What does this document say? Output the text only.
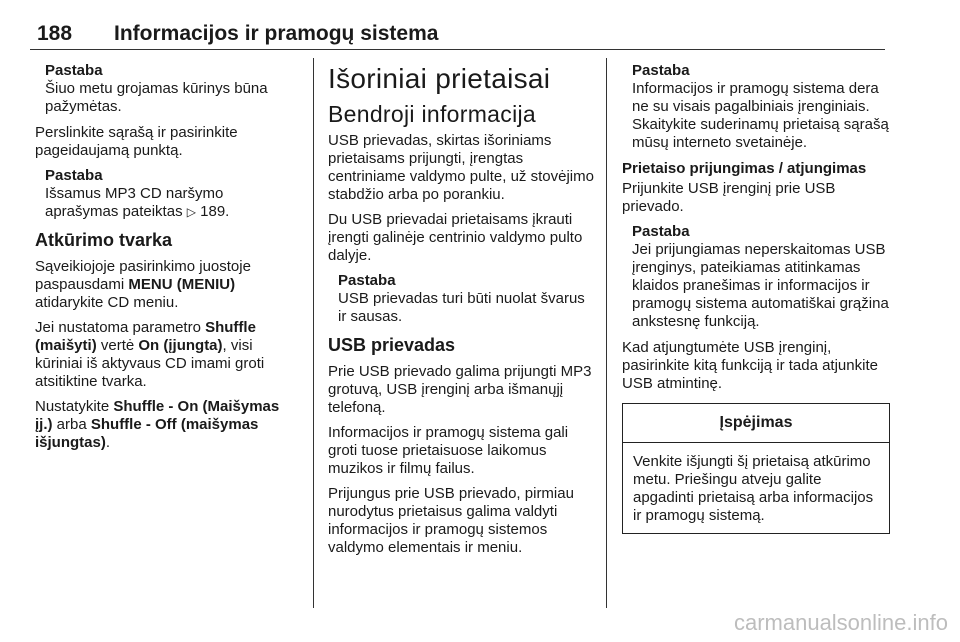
188 Informacijos ir pramogų sistema
Pastaba
Šiuo metu grojamas kūrinys būna pažymėtas.

Perslinkite sąrašą ir pasirinkite pageidaujamą punktą.

Pastaba
Išsamus MP3 CD naršymo aprašymas pateiktas ▷ 189.
Atkūrimo tvarka

Sąveikiojoje pasirinkimo juostoje paspausdami MENU (MENIU) atidarykite CD meniu.

Jei nustatoma parametro Shuffle (maišyti) vertė On (įjungta), visi kūriniai iš aktyvaus CD imami groti atsitiktine tvarka.

Nustatykite Shuffle - On (Maišymas įj.) arba Shuffle - Off (maišymas išjungtas).

Išoriniai prietaisai
Bendroji informacija

USB prievadas, skirtas išoriniams prietaisams prijungti, įrengtas centriniame valdymo pulte, už stovėjimo stabdžio arba po porankiu.

Du USB prievadai prietaisams įkrauti įrengti galinėje centrinio valdymo pulto dalyje.

Pastaba
USB prievadas turi būti nuolat švarus ir sausas.
USB prievadas

Prie USB prievado galima prijungti MP3 grotuvą, USB įrenginį arba išmanųjį telefoną.

Informacijos ir pramogų sistema gali groti tuose prietaisuose laikomus muzikos ir filmų failus.

Prijungus prie USB prievado, pirmiau nurodytus prietaisus galima valdyti informacijos ir pramogų sistemos valdymo elementais ir meniu.

Pastaba
Informacijos ir pramogų sistema dera ne su visais pagalbiniais įrenginiais. Skaitykite suderinamų prietaisą sąrašą mūsų interneto svetainėje.
Prietaiso prijungimas / atjungimas

Prijunkite USB įrenginį prie USB prievado.

Pastaba
Jei prijungiamas neperskaitomas USB įrenginys, pateikiamas atitinkamas klaidos pranešimas ir informacijos ir pramogų sistema automatiškai grąžina ankstesnę funkciją.

Kad atjungtumėte USB įrenginį, pasirinkite kitą funkciją ir tada atjunkite USB atmintinę.

Įspėjimas
Venkite išjungti šį prietaisą atkūrimo metu. Priešingu atveju galite apgadinti prietaisą arba informacijos ir pramogų sistemą.
carmanualsonline.info
